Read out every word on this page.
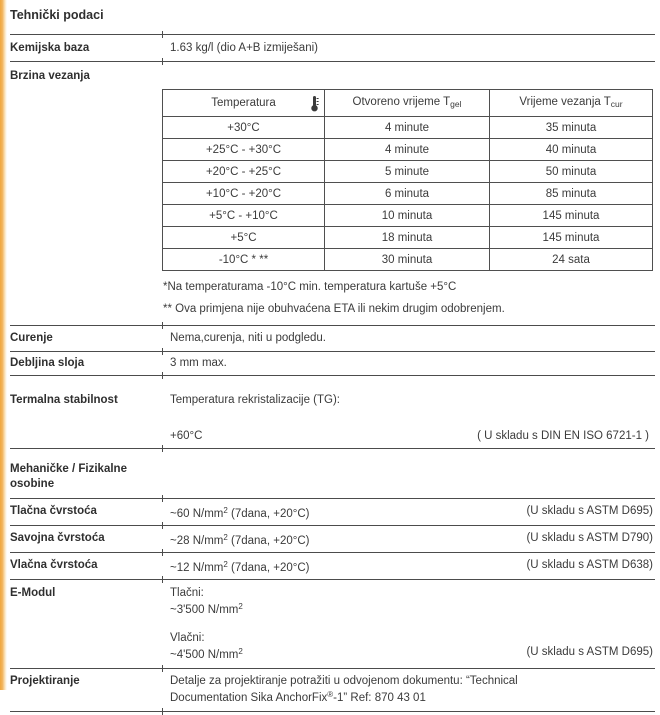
Tehnički podaci
Kemijska baza	1.63 kg/l (dio A+B izmiješani)
Brzina vezanja
Temperatura	Otvoreno vrijeme $T_{gel}$	Vrijeme vezanja $T_{cur}$
+30°C	4 minute	35 minuta
+25°C - +30°C	4 minute	40 minuta
+20°C - +25°C	5 minute	50 minuta
+10°C - +20°C	6 minuta	85 minuta
+5°C - +10°C	10 minuta	145 minuta
+5°C	18 minuta	145 minuta
-10°C * **	30 minuta	24 sata
*Na temperaturama -10°C min. temperatura kartuše +5°C
** Ova primjena nije obuhvaćena ETA ili nekim drugim odobrenjem.
Curenje	Nema,curenja, niti u podgledu.
Debljina sloja	3 mm max.
Termalna stabilnost	Temperatura rekristalizacije (TG):
+60°C	( U skladu s DIN EN ISO 6721-1 )
Mehaničke / Fizikalne osobine
Tlačna čvrstoća	~60 $N/mm^2$ (7dana, +20°C)	(U skladu s ASTM D695)
Savojna čvrstoća	~28 $N/mm^2$ (7dana, +20°C)	(U skladu s ASTM D790)
Vlačna čvrstoća	~12 $N/mm^2$ (7dana, +20°C)	(U skladu s ASTM D638)
E-Modul	Tlačni:
~3'500 $N/mm^2$
Vlačni:
~4'500 $N/mm^2$	(U skladu s ASTM D695)
Projektiranje	Detalje za projektiranje potražiti u odvojenom dokumentu: “Technical Documentation Sika AnchorFix®-1” Ref: 870 43 01
